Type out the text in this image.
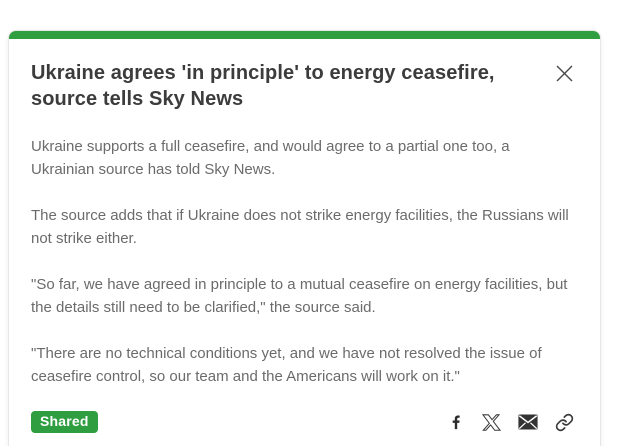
Ukraine agrees 'in principle' to energy ceasefire, source tells Sky News

Ukraine supports a full ceasefire, and would agree to a partial one too, a Ukrainian source has told Sky News.

The source adds that if Ukraine does not strike energy facilities, the Russians will not strike either.

"So far, we have agreed in principle to a mutual ceasefire on energy facilities, but the details still need to be clarified," the source said.

"There are no technical conditions yet, and we have not resolved the issue of ceasefire control, so our team and the Americans will work on it."

Shared
